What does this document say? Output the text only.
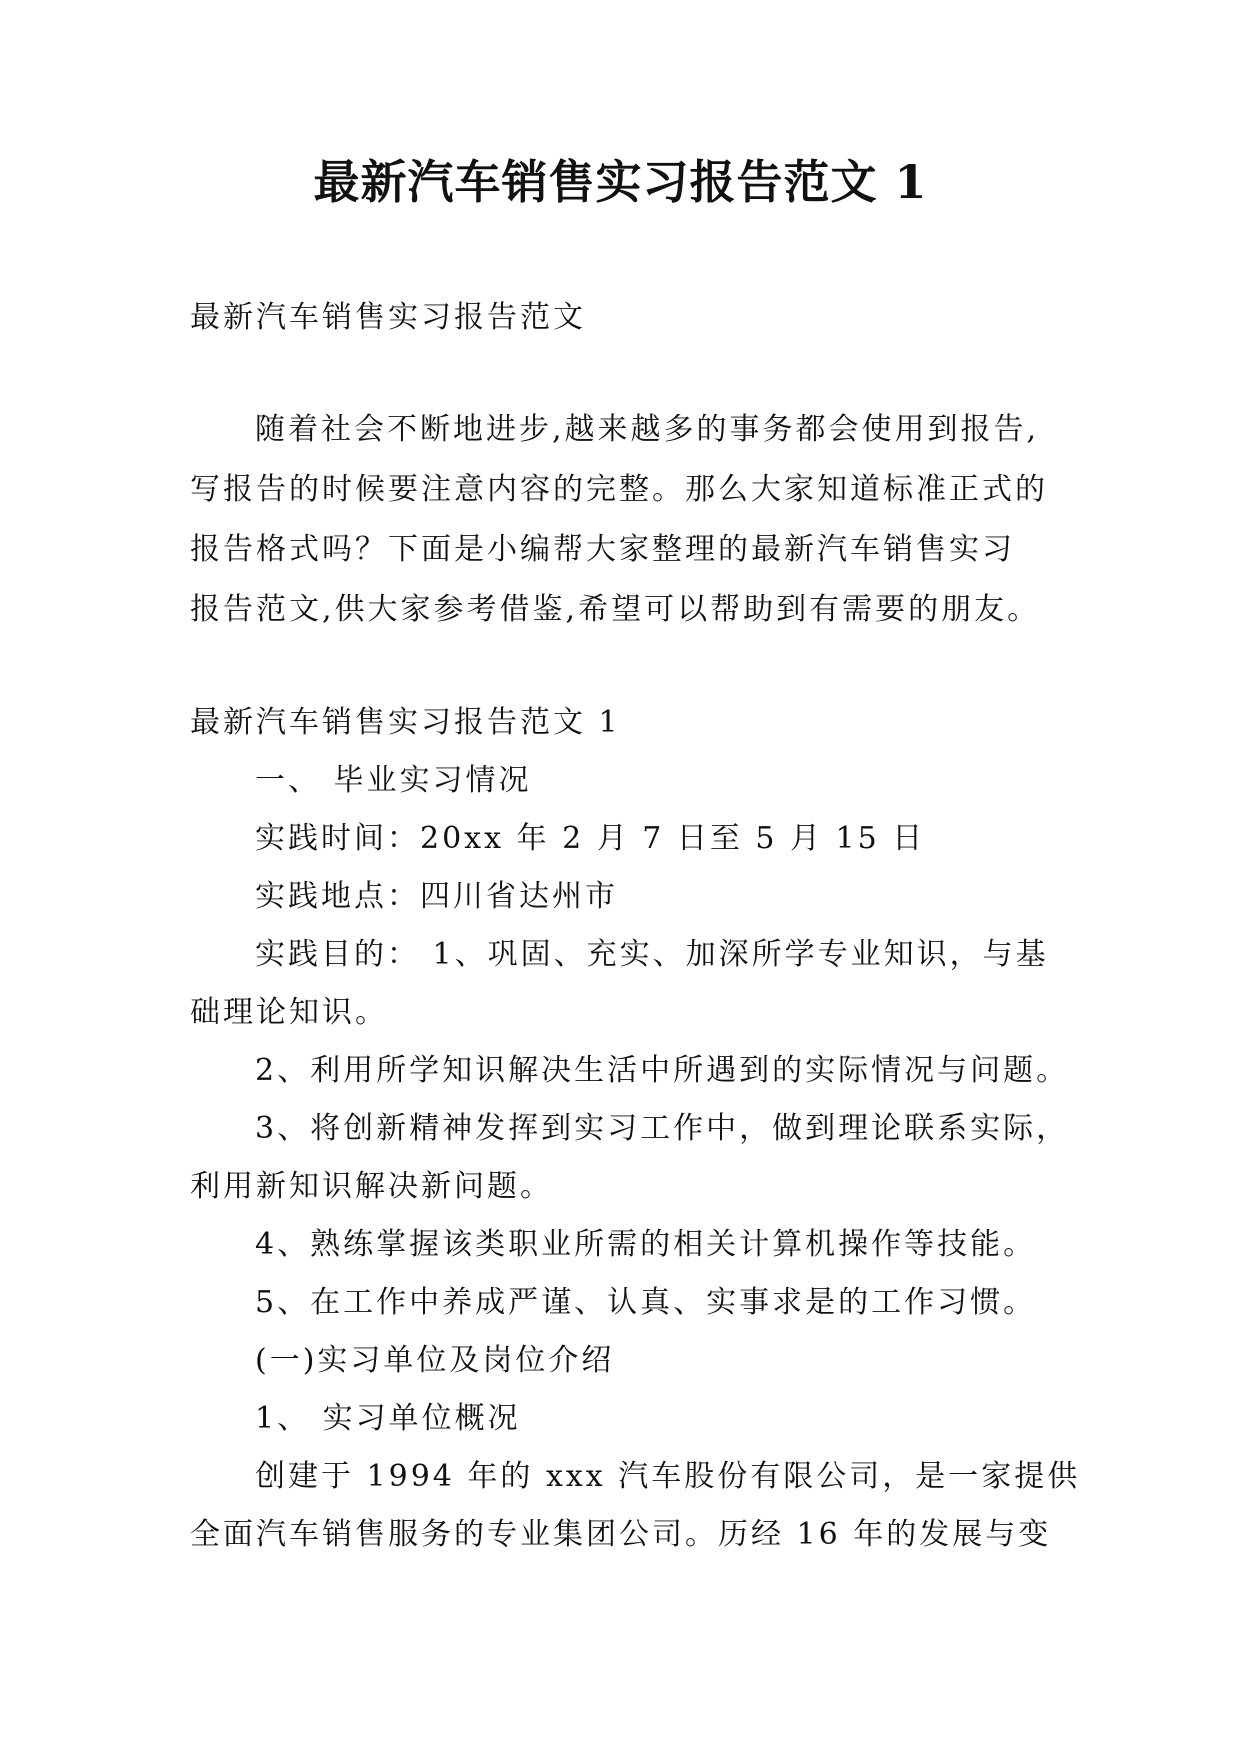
最新汽车销售实习报告范文 1
最新汽车销售实习报告范文
随着社会不断地进步,越来越多的事务都会使用到报告,
写报告的时候要注意内容的完整。那么大家知道标准正式的
报告格式吗？下面是小编帮大家整理的最新汽车销售实习
报告范文,供大家参考借鉴,希望可以帮助到有需要的朋友。
最新汽车销售实习报告范文 1
一、 毕业实习情况
实践时间：20xx 年 2 月 7 日至 5 月 15 日
实践地点：四川省达州市
实践目的： 1、巩固、充实、加深所学专业知识，与基
础理论知识。
2、利用所学知识解决生活中所遇到的实际情况与问题。
3、将创新精神发挥到实习工作中，做到理论联系实际，
利用新知识解决新问题。
4、熟练掌握该类职业所需的相关计算机操作等技能。
5、在工作中养成严谨、认真、实事求是的工作习惯。
(一)实习单位及岗位介绍
1、 实习单位概况
创建于 1994 年的 xxx 汽车股份有限公司，是一家提供
全面汽车销售服务的专业集团公司。历经 16 年的发展与变
